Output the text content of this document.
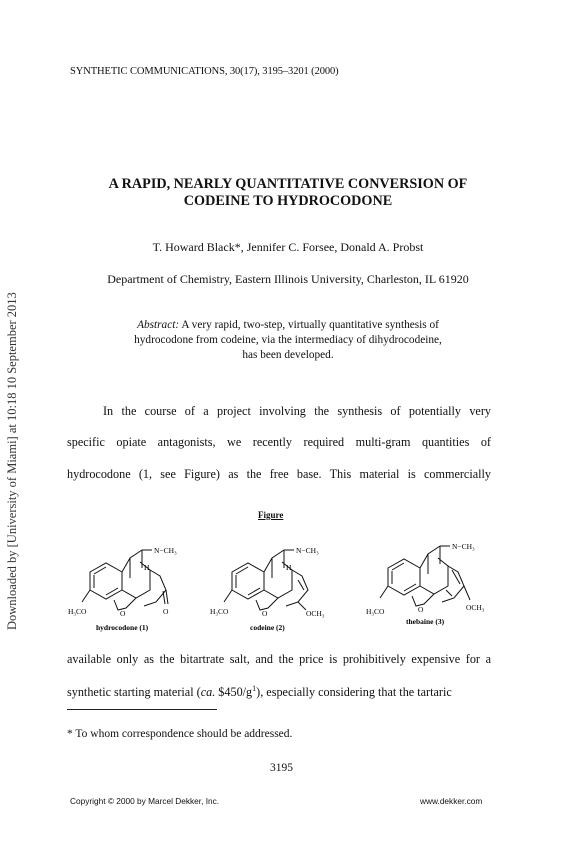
SYNTHETIC COMMUNICATIONS, 30(17), 3195–3201 (2000)
Downloaded by [University of Miami] at 10:18 10 September 2013
A RAPID, NEARLY QUANTITATIVE CONVERSION OF
CODEINE TO HYDROCODONE
T. Howard Black*, Jennifer C. Forsee, Donald A. Probst
Department of Chemistry, Eastern Illinois University, Charleston, IL 61920
Abstract: A very rapid, two-step, virtually quantitative synthesis of
hydrocodone from codeine, via the intermediacy of dihydrocodeine,
has been developed.
In the course of a project involving the synthesis of potentially very
specific opiate antagonists, we recently required multi-gram quantities of
hydrocodone (1, see Figure) as the free base. This material is commercially
Figure
N−CH₃
H
H₃CO	O	O
hydrocodone (1)
N−CH₃
H
H₃CO	O	OCH₃
codeine (2)
N−CH₃
H₃CO	O	OCH₃
thebaine (3)
available only as the bitartrate salt, and the price is prohibitively expensive for a
synthetic starting material (ca. $\$450/g^1$), especially considering that the tartaric
* To whom correspondence should be addressed.
3195
Copyright © 2000 by Marcel Dekker, Inc.	www.dekker.com
